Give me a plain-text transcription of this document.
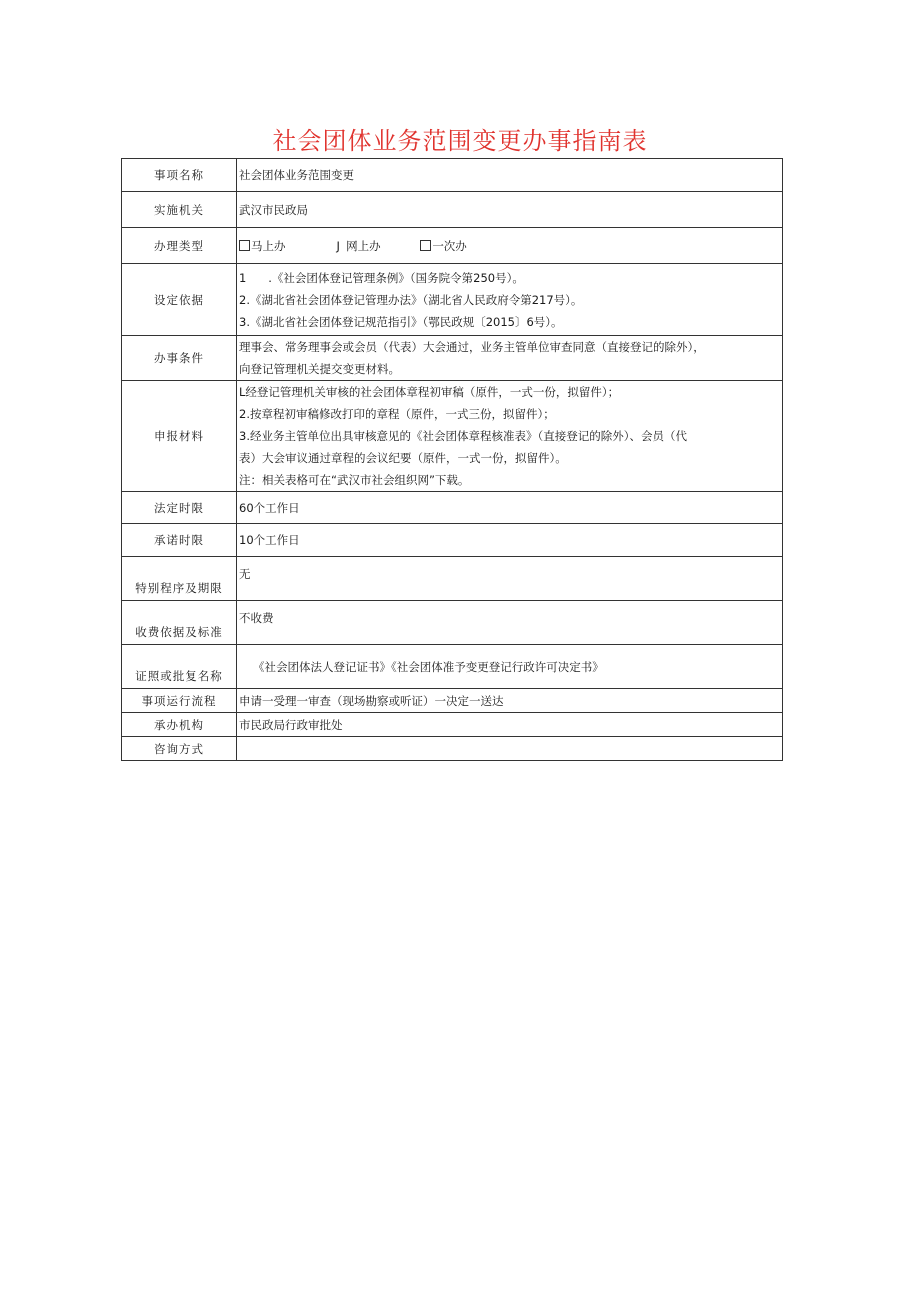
社会团体业务范围变更办事指南表
事项名称	社会团体业务范围变更
实施机关	武汉市民政局
办理类型	马上办 J 网上办 一次办
设定依据	1      .《社会团体登记管理条例》（国务院令第250号）。
2.《湖北省社会团体登记管理办法》（湖北省人民政府令第217号）。
3.《湖北省社会团体登记规范指引》（鄂民政规〔2015〕6号）。

办事条件	理事会、常务理事会或会员（代表）大会通过，业务主管单位审查同意（直接登记的除外），
向登记管理机关提交变更材料。

申报材料	L经登记管理机关审核的社会团体章程初审稿（原件，一式一份，拟留件）；
2.按章程初审稿修改打印的章程（原件，一式三份，拟留件）；
3.经业务主管单位出具审核意见的《社会团体章程核准表》（直接登记的除外）、会员（代
表）大会审议通过章程的会议纪要（原件，一式一份，拟留件）。
注：相关表格可在“武汉市社会组织网”下载。

法定时限	60个工作日
承诺时限	10个工作日
特别程序及期限	无
收费依据及标准	不收费
证照或批复名称	《社会团体法人登记证书》《社会团体准予变更登记行政许可决定书》
事项运行流程	申请一受理一审查（现场勘察或听证）一决定一送达
承办机构	市民政局行政审批处
咨询方式	
